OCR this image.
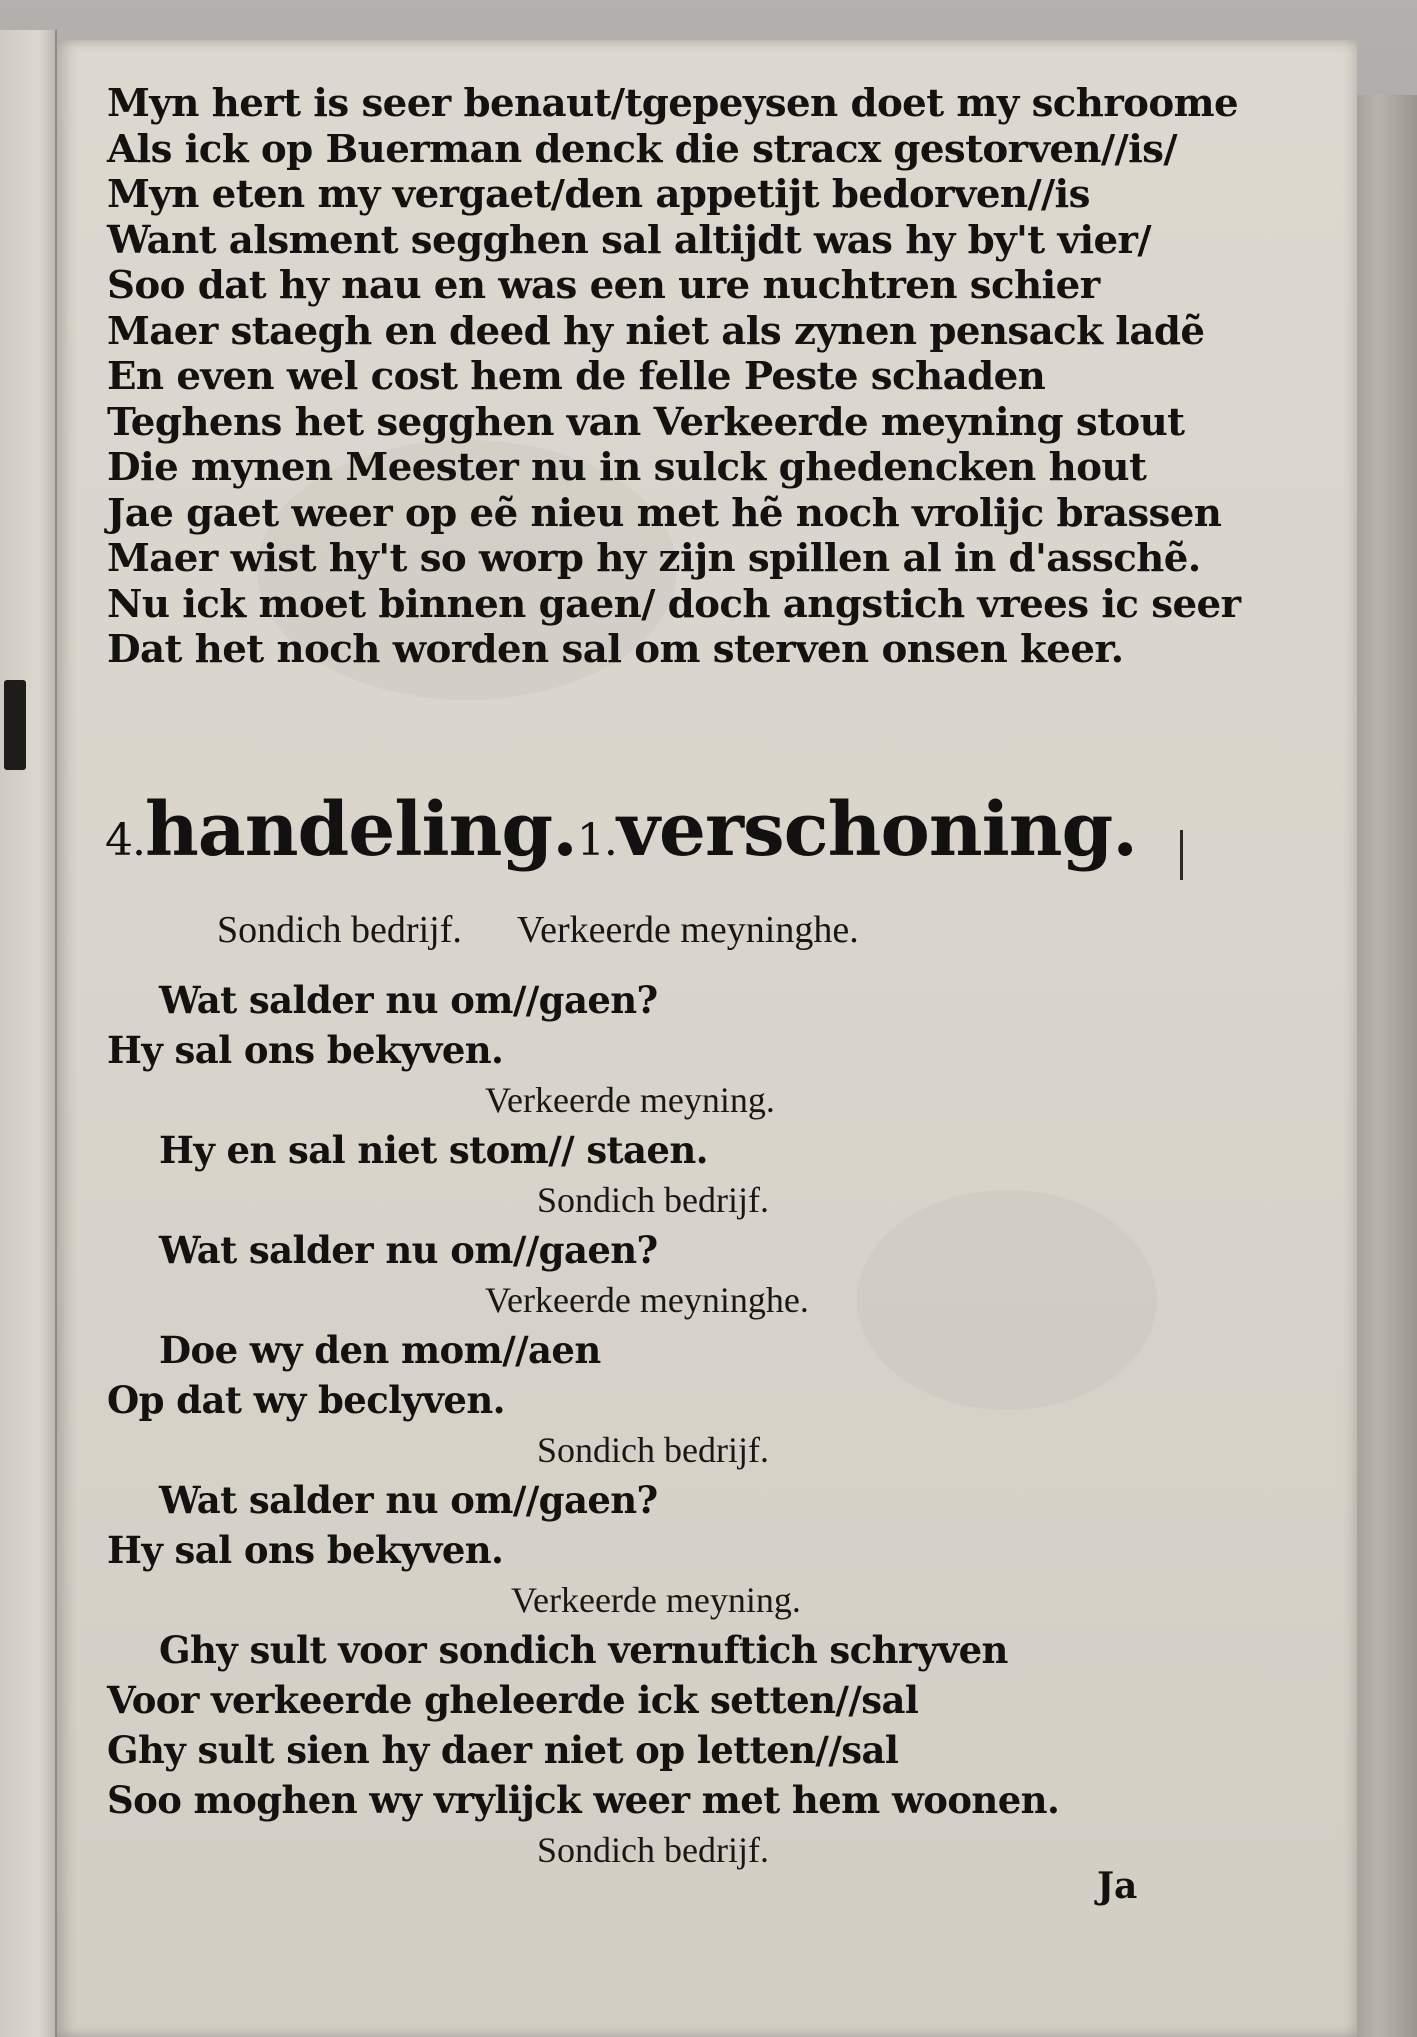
Myn hert is seer benaut/tgepeysen doet my schroome
Als ick op Buerman denck die stracx gestorven//is/
Myn eten my vergaet/den appetijt bedorven//is
Want alsment segghen sal altijdt was hy by't vier/
Soo dat hy nau en was een ure nuchtren schier
Maer staegh en deed hy niet als zynen pensack ladẽ
En even wel cost hem de felle Peste schaden
Teghens het segghen van Verkeerde meyning stout
Die mynen Meester nu in sulck ghedencken hout
Jae gaet weer op eẽ nieu met hẽ noch vrolijc brassen
Maer wist hy't so worp hy zijn spillen al in d'asschẽ.
Nu ick moet binnen gaen/ doch angstich vrees ic seer
Dat het noch worden sal om sterven onsen keer.
4.handeling.1.verschoning.
Sondich bedrijf. Verkeerde meyninghe.
Wat salder nu om//gaen?
Hy sal ons bekyven.
Verkeerde meyning.
Hy en sal niet stom// staen.
Sondich bedrijf.
Wat salder nu om//gaen?
Verkeerde meyninghe.
Doe wy den mom//aen
Op dat wy beclyven.
Sondich bedrijf.
Wat salder nu om//gaen?
Hy sal ons bekyven.
Verkeerde meyning.
Ghy sult voor sondich vernuftich schryven
Voor verkeerde gheleerde ick setten//sal
Ghy sult sien hy daer niet op letten//sal
Soo moghen wy vrylijck weer met hem woonen.
Sondich bedrijf.
Ja
